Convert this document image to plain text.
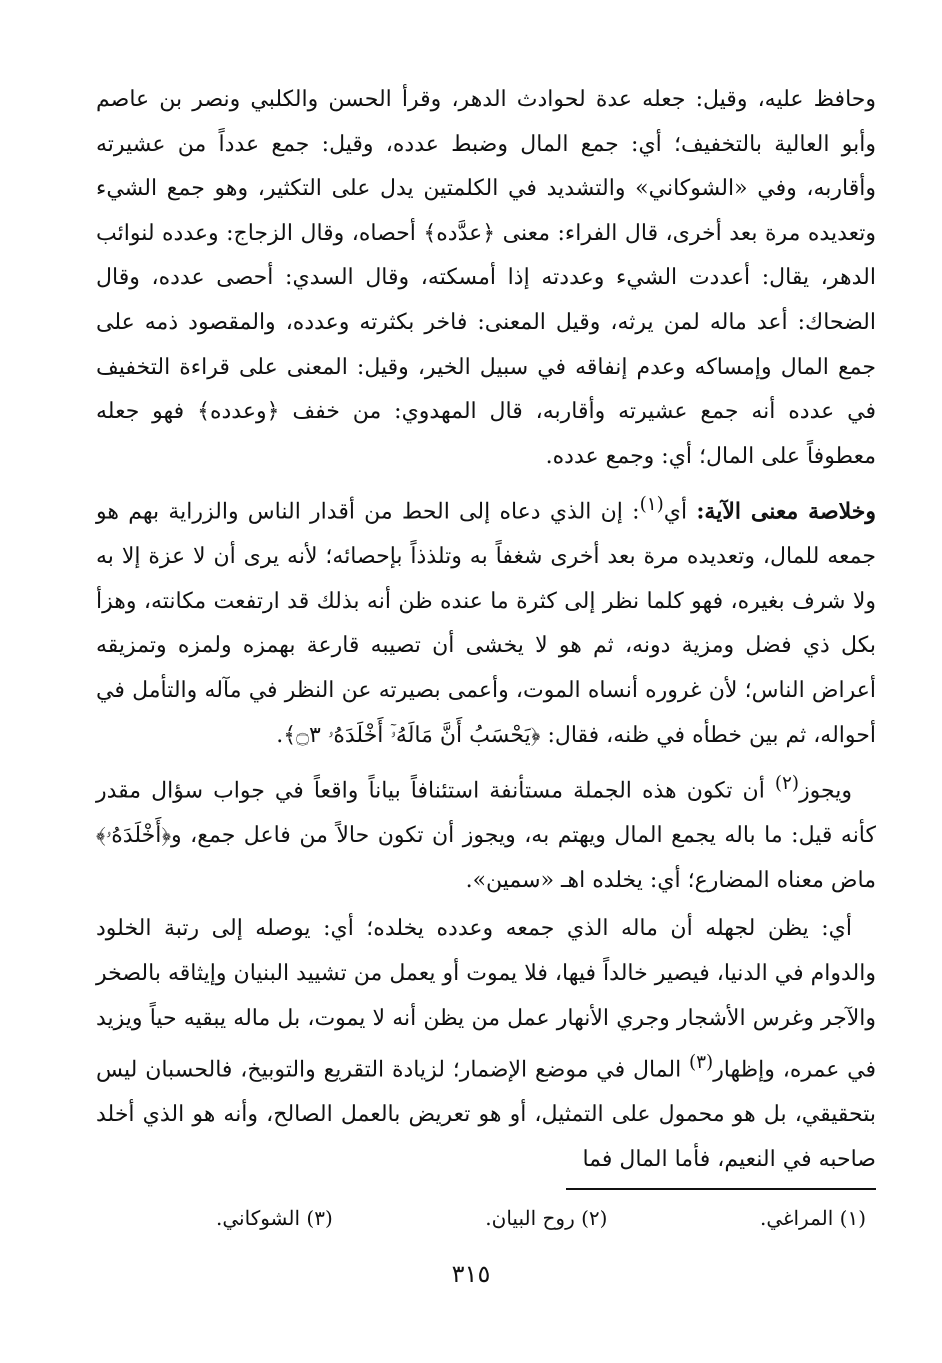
وحافظ عليه، وقيل: جعله عدة لحوادث الدهر، وقرأ الحسن والكلبي ونصر بن عاصم وأبو العالية بالتخفيف؛ أي: جمع المال وضبط عدده، وقيل: جمع عدداً من عشيرته وأقاربه، وفي «الشوكاني» والتشديد في الكلمتين يدل على التكثير، وهو جمع الشيء وتعديده مرة بعد أخرى، قال الفراء: معنى ﴿عدَّده﴾ أحصاه، وقال الزجاج: وعدده لنوائب الدهر، يقال: أعددت الشيء وعددته إذا أمسكته، وقال السدي: أحصى عدده، وقال الضحاك: أعد ماله لمن يرثه، وقيل المعنى: فاخر بكثرته وعدده، والمقصود ذمه على جمع المال وإمساكه وعدم إنفاقه في سبيل الخير، وقيل: المعنى على قراءة التخفيف في عدده أنه جمع عشيرته وأقاربه، قال المهدوي: من خفف ﴿وعدده﴾ فهو جعله معطوفاً على المال؛ أي: وجمع عدده.

وخلاصة معنى الآية: أي$^{(١)}$: إن الذي دعاه إلى الحط من أقدار الناس والزراية بهم هو جمعه للمال، وتعديده مرة بعد أخرى شغفاً به وتلذذاً بإحصائه؛ لأنه يرى أن لا عزة إلا به ولا شرف بغيره، فهو كلما نظر إلى كثرة ما عنده ظن أنه بذلك قد ارتفعت مكانته، وهزأ بكل ذي فضل ومزية دونه، ثم هو لا يخشى أن تصيبه قارعة بهمزه ولمزه وتمزيقه أعراض الناس؛ لأن غروره أنساه الموت، وأعمى بصيرته عن النظر في مآله والتأمل في أحواله، ثم بين خطأه في ظنه، فقال: ﴿يَحْسَبُ أَنَّ مَالَهُۥٓ أَخْلَدَهُۥ ۝٣﴾.

ويجوز$^{(٢)}$ أن تكون هذه الجملة مستأنفة استئنافاً بياناً واقعاً في جواب سؤال مقدر كأنه قيل: ما باله يجمع المال ويهتم به، ويجوز أن تكون حالاً من فاعل جمع، و﴿أَخْلَدَهُۥ﴾ ماض معناه المضارع؛ أي: يخلده اهـ «سمين».

أي: يظن لجهله أن ماله الذي جمعه وعدده يخلده؛ أي: يوصله إلى رتبة الخلود والدوام في الدنيا، فيصير خالداً فيها، فلا يموت أو يعمل من تشييد البنيان وإيثاقه بالصخر والآجر وغرس الأشجار وجري الأنهار عمل من يظن أنه لا يموت، بل ماله يبقيه حياً ويزيد في عمره، وإظهار$^{(٣)}$ المال في موضع الإضمار؛ لزيادة التقريع والتوبيخ، فالحسبان ليس بتحقيقي، بل هو محمول على التمثيل، أو هو تعريض بالعمل الصالح، وأنه هو الذي أخلد صاحبه في النعيم، فأما المال فما

(١) المراغي.
(٢) روح البيان.
(٣) الشوكاني.
٣١٥
